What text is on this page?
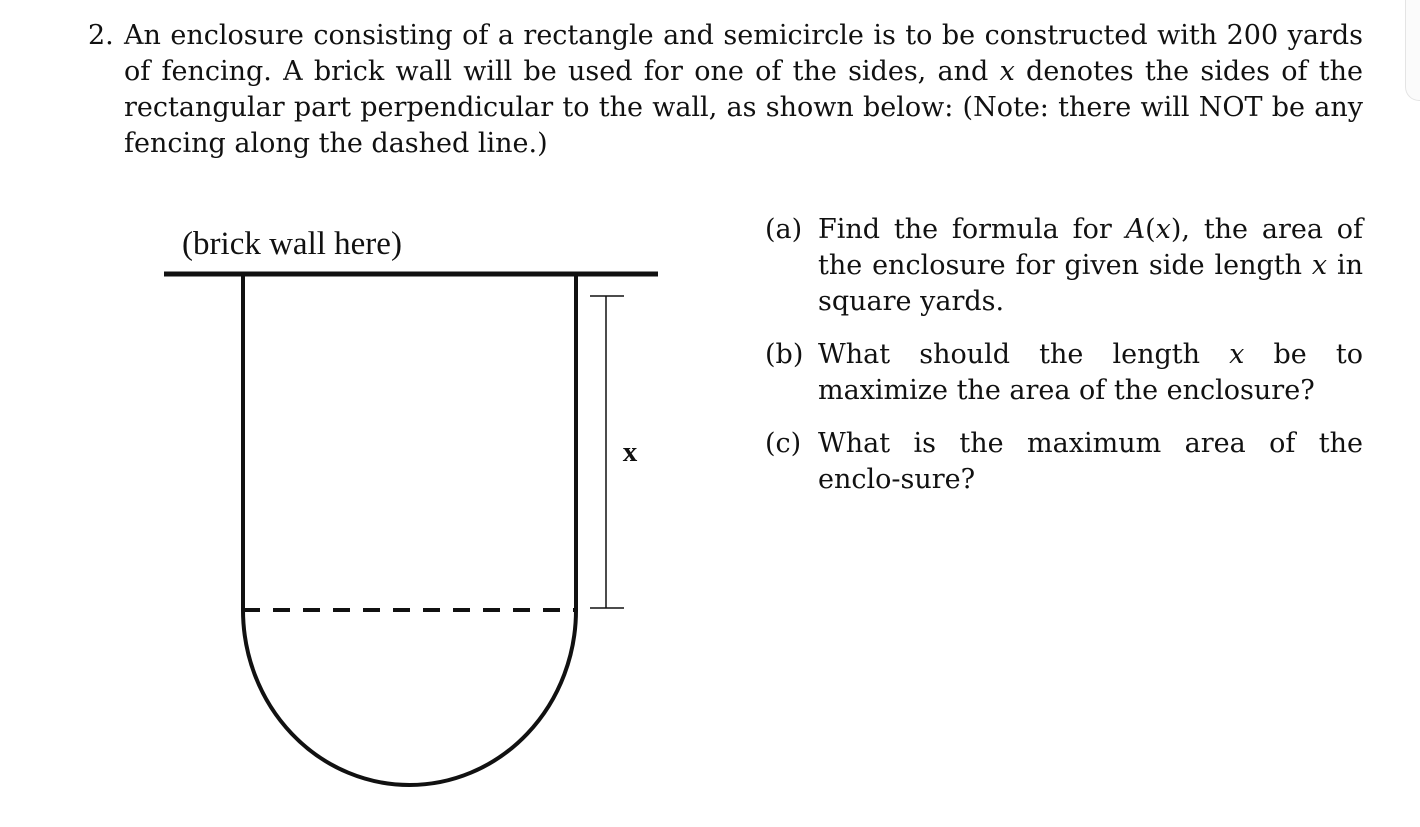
2. An enclosure consisting of a rectangle and semicircle is to be constructed with 200 yards of fencing. A brick wall will be used for one of the sides, and x denotes the sides of the rectangular part perpendicular to the wall, as shown below: (Note: there will NOT be any fencing along the dashed line.)
(brick wall here)
x
(a) Find the formula for A(x), the area of the enclosure for given side length x in square yards.
(b) What should the length x be to maximize the area of the enclosure?
(c) What is the maximum area of the enclo-sure?
